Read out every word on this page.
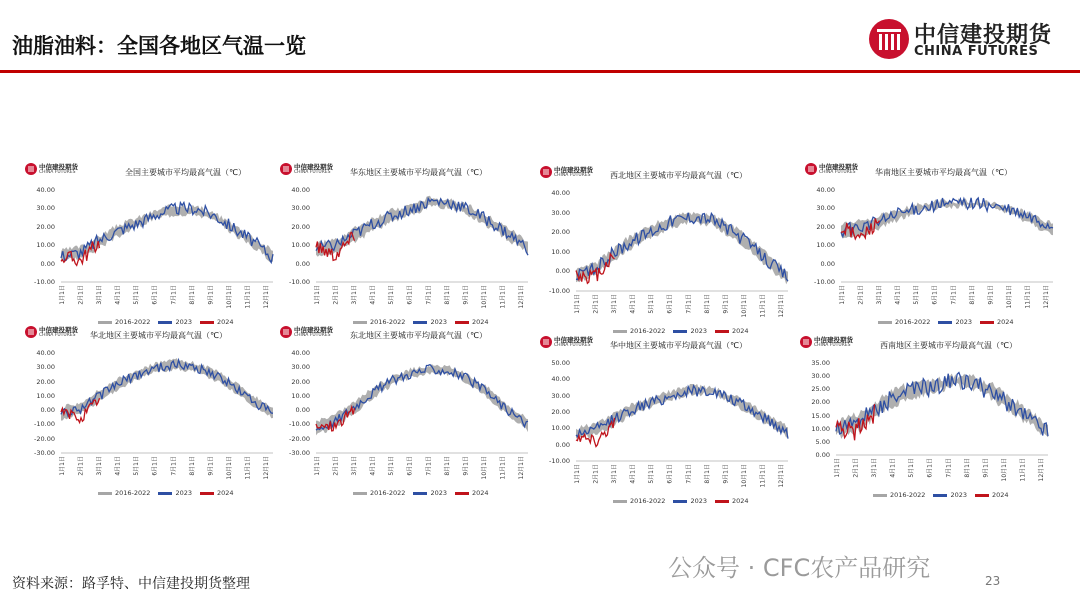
油脂油料：全国各地区气温一览	中信建投期货
CHINA FUTURES
中信建投期货
CHINA FUTURES	全国主要城市平均最高气温（℃）
40.00
30.00
20.00
10.00
0.00
-10.00
1月1日 2月1日 3月1日 4月1日 5月1日 6月1日 7月1日 8月1日 9月1日 10月1日 11月1日 12月1日
2016-2022	2023	2024
中信建投期货
CHINA FUTURES 华东地区主要城市平均最高气温（℃）
40.00
30.00
20.00
10.00
0.00
-10.00
1月1日 2月1日 3月1日 4月1日 5月1日 6月1日 7月1日 8月1日 9月1日 10月1日 11月1日 12月1日
2016-2022	2023	2024
中信建投期货
CHINA FUTURES 西北地区主要城市平均最高气温（℃）
40.00
30.00
20.00
10.00
0.00
-10.00
1月1日 2月1日 3月1日 4月1日 5月1日 6月1日 7月1日 8月1日 9月1日 10月1日 11月1日 12月1日
2016-2022	2023	2024
中信建投期货
CHINA FUTURES 华南地区主要城市平均最高气温（℃）
40.00
30.00
20.00
10.00
0.00
-10.00
1月1日 2月1日 3月1日 4月1日 5月1日 6月1日 7月1日 8月1日 9月1日 10月1日 11月1日 12月1日
2016-2022	2023	2024
中信建投期货
CHINA FUTURES 华北地区主要城市平均最高气温（℃）
40.00
30.00
20.00
10.00
0.00
-10.00
-20.00
-30.00
1月1日 2月1日 3月1日 4月1日 5月1日 6月1日 7月1日 8月1日 9月1日 10月1日 11月1日 12月1日
2016-2022	2023	2024
中信建投期货
CHINA FUTURES 东北地区主要城市平均最高气温（℃）
40.00
30.00
20.00
10.00
0.00
-10.00
-20.00
-30.00
1月1日 2月1日 3月1日 4月1日 5月1日 6月1日 7月1日 8月1日 9月1日 10月1日 11月1日 12月1日
2016-2022	2023	2024
中信建投期货
CHINA FUTURES 华中地区主要城市平均最高气温（℃）
50.00
40.00
30.00
20.00
10.00
0.00
-10.00
1月1日 2月1日 3月1日 4月1日 5月1日 6月1日 7月1日 8月1日 9月1日 10月1日 11月1日 12月1日
2016-2022	2023	2024
中信建投期货
CHINA FUTURES	西南地区主要城市平均最高气温（℃）
35.00
30.00
25.00
20.00
15.00
10.00
5.00
0.00
1月1日 2月1日 3月1日 4月1日 5月1日 6月1日 7月1日 8月1日 9月1日 10月1日 11月1日 12月1日
2016-2022	2023	2024
资料来源：路孚特、中信建投期货整理
公众号 · CFC农产品研究	23
